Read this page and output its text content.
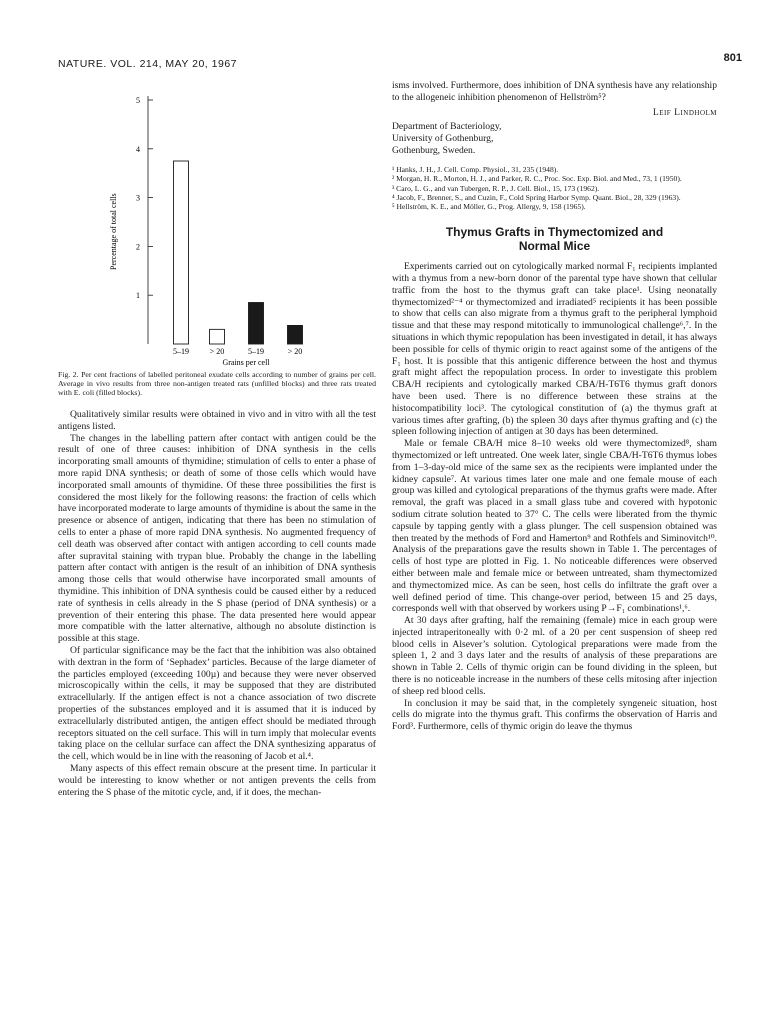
NATURE. VOL. 214, MAY 20, 1967	801
1
2
3
4
5
5–19	> 20	5–19	> 20
Percentage of total cells
Grains per cell
Fig. 2. Per cent fractions of labelled peritoneal exudate cells according to number of grains per cell. Average in vivo results from three non-antigen treated rats (unfilled blocks) and three rats treated with E. coli (filled blocks).

Qualitatively similar results were obtained in vivo and in vitro with all the test antigens listed.

The changes in the labelling pattern after contact with antigen could be the result of one of three causes: inhibition of DNA synthesis in the cells incorporating small amounts of thymidine; stimulation of cells to enter a phase of more rapid DNA synthesis; or death of some of those cells which would have incorporated small amounts of thymidine. Of these three possibilities the first is considered the most likely for the following reasons: the fraction of cells which have incorporated moderate to large amounts of thymidine is about the same in the presence or absence of antigen, indicating that there has been no stimulation of cells to enter a phase of more rapid DNA synthesis. No augmented frequency of cell death was observed after contact with antigen according to cell counts made after supravital staining with trypan blue. Probably the change in the labelling pattern after contact with antigen is the result of an inhibition of DNA synthesis among those cells that would otherwise have incorporated small amounts of thymidine. This inhibition of DNA synthesis could be caused either by a reduced rate of synthesis in cells already in the S phase (period of DNA synthesis) or a prevention of their entering this phase. The data presented here would appear more compatible with the latter alternative, although no absolute distinction is possible at this stage.

Of particular significance may be the fact that the inhibition was also obtained with dextran in the form of ‘Sephadex’ particles. Because of the large diameter of the particles employed (exceeding 100µ) and because they were never observed microscopically within the cells, it may be supposed that they are distributed extracellularly. If the antigen effect is not a chance association of two discrete properties of the substances employed and it is assumed that it is induced by extracellularly distributed antigen, the antigen effect should be mediated through receptors situated on the cell surface. This will in turn imply that molecular events taking place on the cellular surface can affect the DNA synthesizing apparatus of the cell, which would be in line with the reasoning of Jacob et al.⁴.

Many aspects of this effect remain obscure at the present time. In particular it would be interesting to know whether or not antigen prevents the cells from entering the S phase of the mitotic cycle, and, if it does, the mechan-

isms involved. Furthermore, does inhibition of DNA synthesis have any relationship to the allogeneic inhibition phenomenon of Hellström⁵?

Leif Lindholm
Department of Bacteriology,
University of Gothenburg,
Gothenburg, Sweden.
¹ Hanks, J. H., J. Cell. Comp. Physiol., 31, 235 (1948).
² Morgan, H. R., Morton, H. J., and Parker, R. C., Proc. Soc. Exp. Biol. and Med., 73, 1 (1950).
³ Caro, L. G., and van Tubergen, R. P., J. Cell. Biol., 15, 173 (1962).
⁴ Jacob, F., Brenner, S., and Cuzin, F., Cold Spring Harbor Symp. Quant. Biol., 28, 329 (1963).
⁵ Hellström, K. E., and Möller, G., Prog. Allergy, 9, 158 (1965).
Thymus Grafts in Thymectomized and
Normal Mice

Experiments carried out on cytologically marked normal F₁ recipients implanted with a thymus from a new-born donor of the parental type have shown that cellular traffic from the host to the thymus graft can take place¹. Using neonatally thymectomized²⁻⁴ or thymectomized and irradiated⁵ recipients it has been possible to show that cells can also migrate from a thymus graft to the peripheral lymphoid tissue and that these may respond mitotically to immunological challenge⁶,⁷. In the situations in which thymic repopulation has been investigated in detail, it has always been possible for cells of thymic origin to react against some of the antigens of the F₁ host. It is possible that this antigenic difference between the host and thymus graft might affect the repopulation process. In order to investigate this problem CBA/H recipients and cytologically marked CBA/H-T6T6 thymus graft donors have been used. There is no difference between these strains at the histocompatibility loci³. The cytological constitution of (a) the thymus graft at various times after grafting, (b) the spleen 30 days after thymus grafting and (c) the spleen following injection of antigen at 30 days has been determined.

Male or female CBA/H mice 8–10 weeks old were thymectomized⁸, sham thymectomized or left untreated. One week later, single CBA/H-T6T6 thymus lobes from 1–3-day-old mice of the same sex as the recipients were implanted under the kidney capsule⁷. At various times later one male and one female mouse of each group was killed and cytological preparations of the thymus grafts were made. After removal, the graft was placed in a small glass tube and covered with hypotonic sodium citrate solution heated to 37° C. The cells were liberated from the thymic capsule by tapping gently with a glass plunger. The cell suspension obtained was then treated by the methods of Ford and Hamerton⁹ and Rothfels and Siminovitch¹⁰. Analysis of the preparations gave the results shown in Table 1. The percentages of cells of host type are plotted in Fig. 1. No noticeable differences were observed either between male and female mice or between untreated, sham thymectomized and thymectomized mice. As can be seen, host cells do infiltrate the graft over a well defined period of time. This change-over period, between 15 and 25 days, corresponds well with that observed by workers using P→F₁ combinations¹,⁶.

At 30 days after grafting, half the remaining (female) mice in each group were injected intraperitoneally with 0·2 ml. of a 20 per cent suspension of sheep red blood cells in Alsever’s solution. Cytological preparations were made from the spleen 1, 2 and 3 days later and the results of analysis of these preparations are shown in Table 2. Cells of thymic origin can be found dividing in the spleen, but there is no noticeable increase in the numbers of these cells mitosing after injection of sheep red blood cells.

In conclusion it may be said that, in the completely syngeneic situation, host cells do migrate into the thymus graft. This confirms the observation of Harris and Ford³. Furthermore, cells of thymic origin do leave the thymus
